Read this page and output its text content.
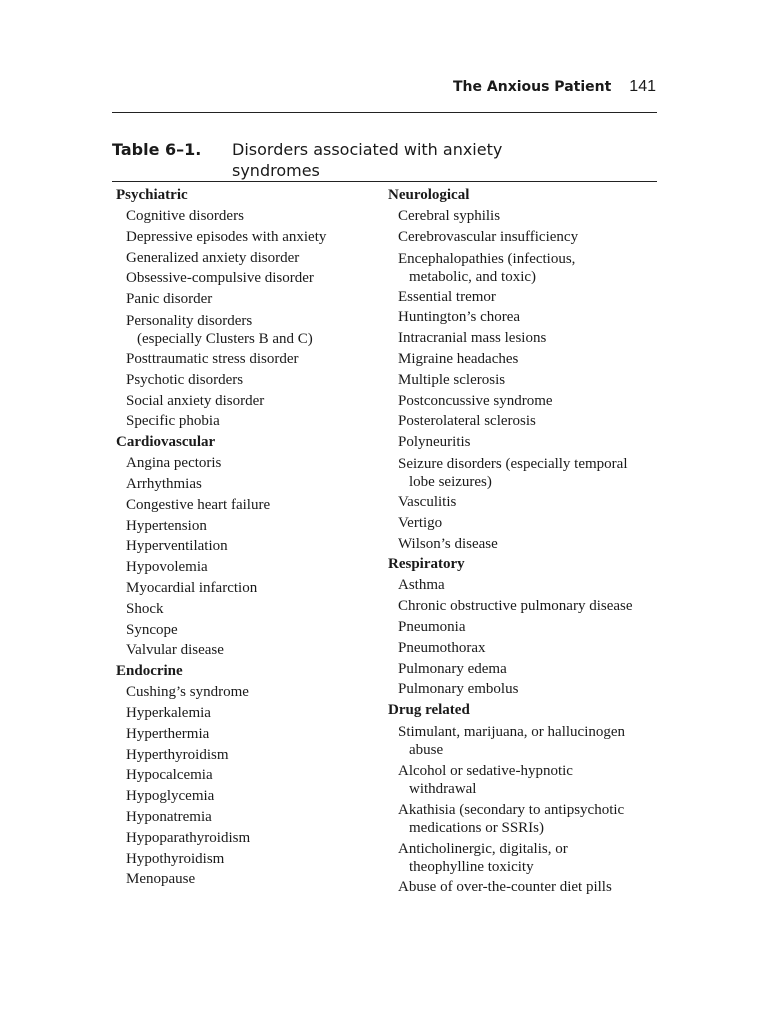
The Anxious Patient 141
Table 6–1. Disorders associated with anxiety syndromes
Psychiatric
Cognitive disorders
Depressive episodes with anxiety
Generalized anxiety disorder
Obsessive-compulsive disorder
Panic disorder
Personality disorders
(especially Clusters B and C)
Posttraumatic stress disorder
Psychotic disorders
Social anxiety disorder
Specific phobia
Cardiovascular
Angina pectoris
Arrhythmias
Congestive heart failure
Hypertension
Hyperventilation
Hypovolemia
Myocardial infarction
Shock
Syncope
Valvular disease
Endocrine
Cushing’s syndrome
Hyperkalemia
Hyperthermia
Hyperthyroidism
Hypocalcemia
Hypoglycemia
Hyponatremia
Hypoparathyroidism
Hypothyroidism
Menopause
Neurological
Cerebral syphilis
Cerebrovascular insufficiency
Encephalopathies (infectious,
metabolic, and toxic)
Essential tremor
Huntington’s chorea
Intracranial mass lesions
Migraine headaches
Multiple sclerosis
Postconcussive syndrome
Posterolateral sclerosis
Polyneuritis
Seizure disorders (especially temporal
lobe seizures)
Vasculitis
Vertigo
Wilson’s disease
Respiratory
Asthma
Chronic obstructive pulmonary disease
Pneumonia
Pneumothorax
Pulmonary edema
Pulmonary embolus
Drug related
Stimulant, marijuana, or hallucinogen
abuse
Alcohol or sedative-hypnotic
withdrawal
Akathisia (secondary to antipsychotic
medications or SSRIs)
Anticholinergic, digitalis, or
theophylline toxicity
Abuse of over-the-counter diet pills
